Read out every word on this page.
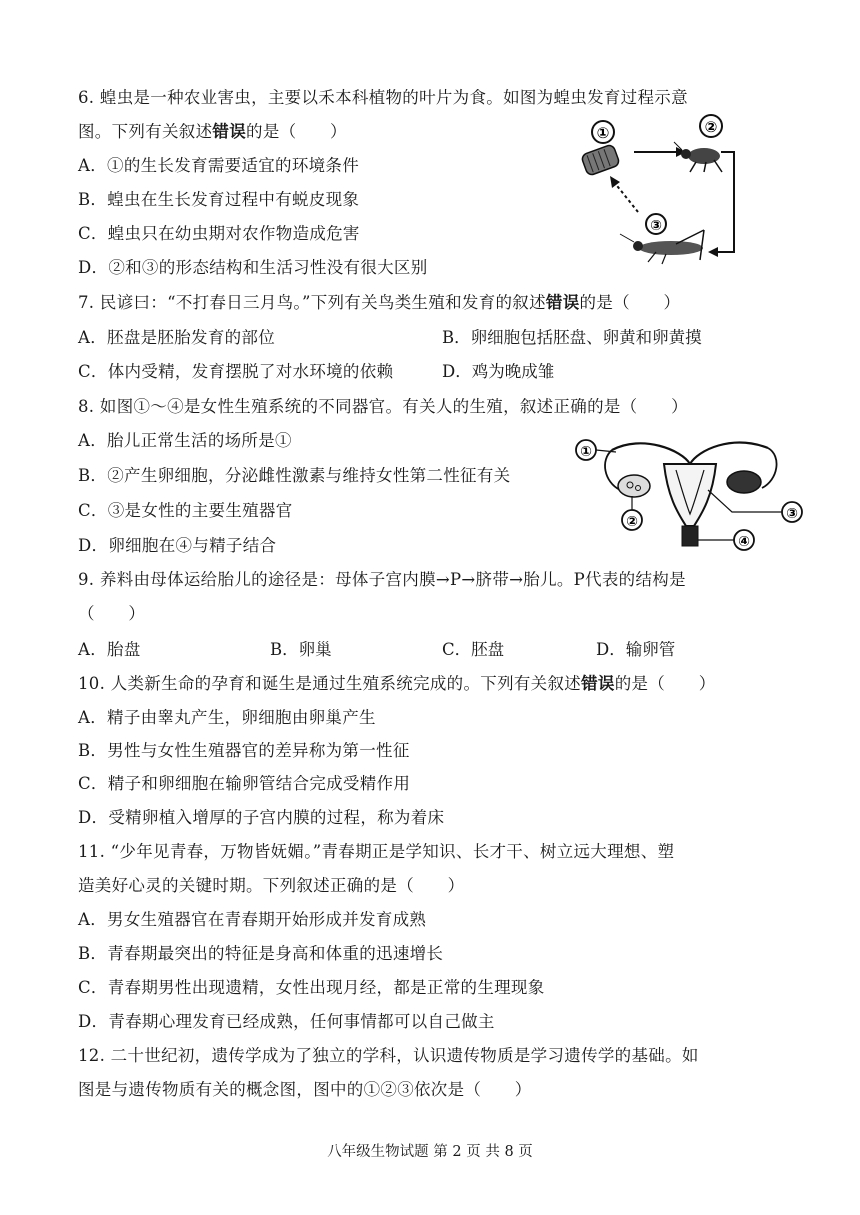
6. 蝗虫是一种农业害虫，主要以禾本科植物的叶片为食。如图为蝗虫发育过程示意
图。下列有关叙述错误的是（　　）
A．①的生长发育需要适宜的环境条件
B．蝗虫在生长发育过程中有蜕皮现象
C．蝗虫只在幼虫期对农作物造成危害
D．②和③的形态结构和生活习性没有很大区别
①	②
③
7. 民谚曰：“不打春日三月鸟。”下列有关鸟类生殖和发育的叙述错误的是（　　）
A．胚盘是胚胎发育的部位	B．卵细胞包括胚盘、卵黄和卵黄摸
C．体内受精，发育摆脱了对水环境的依赖	D．鸡为晚成雏
8. 如图①～④是女性生殖系统的不同器官。有关人的生殖，叙述正确的是（　　）
A．胎儿正常生活的场所是①
B．②产生卵细胞，分泌雌性激素与维持女性第二性征有关
C．③是女性的主要生殖器官
D．卵细胞在④与精子结合
①
②	③
④
9. 养料由母体运给胎儿的途径是：母体子宫内膜→P→脐带→胎儿。P代表的结构是
（　　）
A．胎盘	B．卵巢	C．胚盘	D．输卵管
10. 人类新生命的孕育和诞生是通过生殖系统完成的。下列有关叙述错误的是（　　）
A．精子由睾丸产生，卵细胞由卵巢产生
B．男性与女性生殖器官的差异称为第一性征
C．精子和卵细胞在输卵管结合完成受精作用
D．受精卵植入增厚的子宫内膜的过程，称为着床
11. “少年见青春，万物皆妩媚。”青春期正是学知识、长才干、树立远大理想、塑
造美好心灵的关键时期。下列叙述正确的是（　　）
A．男女生殖器官在青春期开始形成并发育成熟
B．青春期最突出的特征是身高和体重的迅速增长
C．青春期男性出现遗精，女性出现月经，都是正常的生理现象
D．青春期心理发育已经成熟，任何事情都可以自己做主
12. 二十世纪初，遗传学成为了独立的学科，认识遗传物质是学习遗传学的基础。如
图是与遗传物质有关的概念图，图中的①②③依次是（　　）
八年级生物试题 第 2 页 共 8 页
